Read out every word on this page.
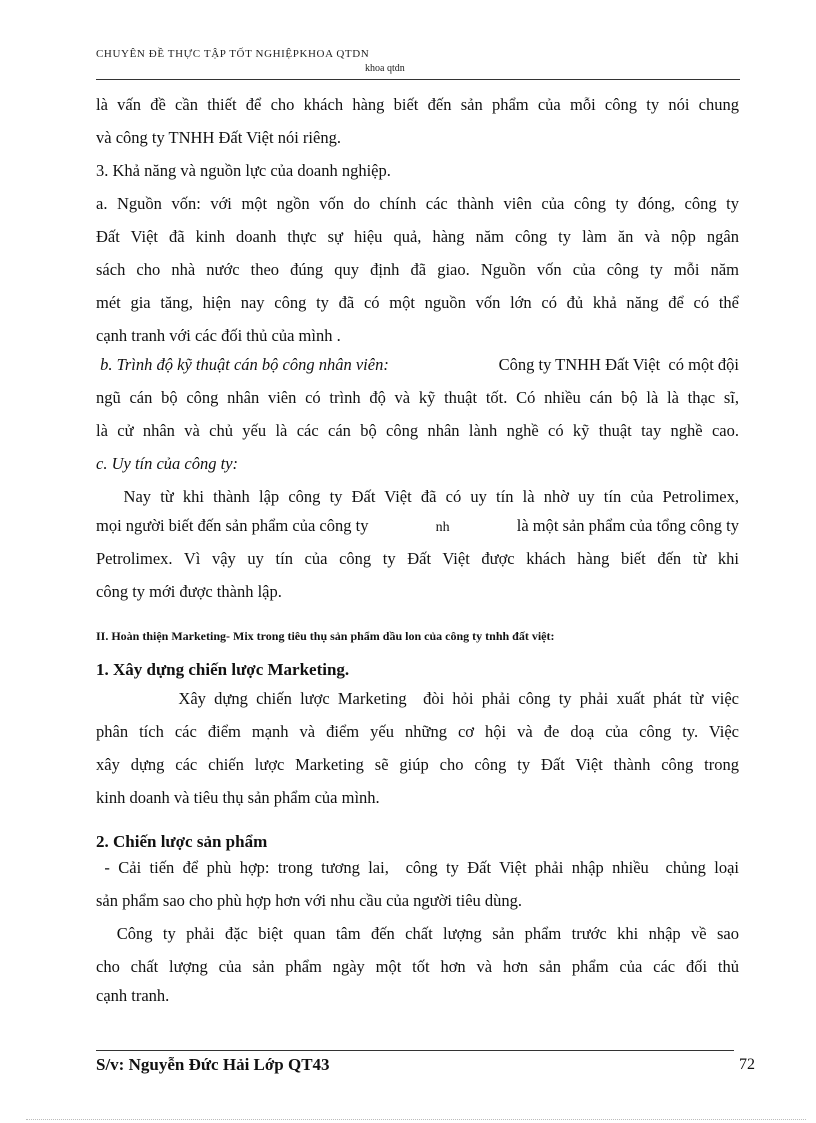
CHUYÊN ĐỀ THỰC TẬP TỐT NGHIỆPKHOA QTDN
khoa qtdn
là vấn đề cần thiết để cho khách hàng biết đến sản phẩm của mỗi công ty nói chung
và công ty TNHH Đất Việt nói riêng.
3. Khả năng và nguồn lực của doanh nghiệp.
a. Nguồn vốn: với một ngồn vốn do chính các thành viên của công ty đóng, công ty
Đất Việt đã kinh doanh thực sự hiệu quả, hàng năm công ty làm ăn và nộp ngân
sách cho nhà nước theo đúng quy định đã giao. Nguồn vốn của công ty mỗi năm
mét gia tăng, hiện nay công ty đã có một nguồn vốn lớn có đủ khả năng để có thể
cạnh tranh với các đối thủ của mình .
b. Trình độ kỹ thuật cán bộ công nhân viên:	Công ty TNHH Đất Việt  có một đội
ngũ cán bộ công nhân viên có trình độ và kỹ thuật tốt. Có nhiều cán bộ là là thạc sĩ,
là cử nhân và chủ yếu là các cán bộ công nhân lành nghề có kỹ thuật tay nghề cao.
c. Uy tín của công ty:
Nay từ khi thành lập công ty Đất Việt đã có uy tín là nhờ uy tín của Petrolimex,
mọi người biết đến sản phẩm của công ty	nh	là một sản phẩm của tổng công ty
Petrolimex. Vì vậy uy tín của công ty Đất Việt được khách hàng biết đến từ khi
công ty mới được thành lập.
II. Hoàn thiện Marketing- Mix trong tiêu thụ sản phẩm dầu lon của công ty tnhh đất việt:
1. Xây dựng chiến lược Marketing.
Xây dựng chiến lược Marketing  đòi hỏi phải công ty phải xuất phát từ việc
phân tích các điểm mạnh và điểm yếu những cơ hội và đe doạ của công ty. Việc
xây dựng các chiến lược Marketing sẽ giúp cho công ty Đất Việt thành công trong
kinh doanh và tiêu thụ sản phẩm của mình.
2. Chiến lược sản phẩm
- Cải tiến để phù hợp: trong tương lai,  công ty Đất Việt phải nhập nhiều  chủng loại
sản phẩm sao cho phù hợp hơn với nhu cầu của người tiêu dùng.
Công ty phải đặc biệt quan tâm đến chất lượng sản phẩm trước khi nhập về sao
cho chất lượng của sản phẩm ngày một tốt hơn và hơn sản phẩm của các đối thủ
cạnh tranh.
S/v: Nguyễn Đức Hải Lớp QT43	72
